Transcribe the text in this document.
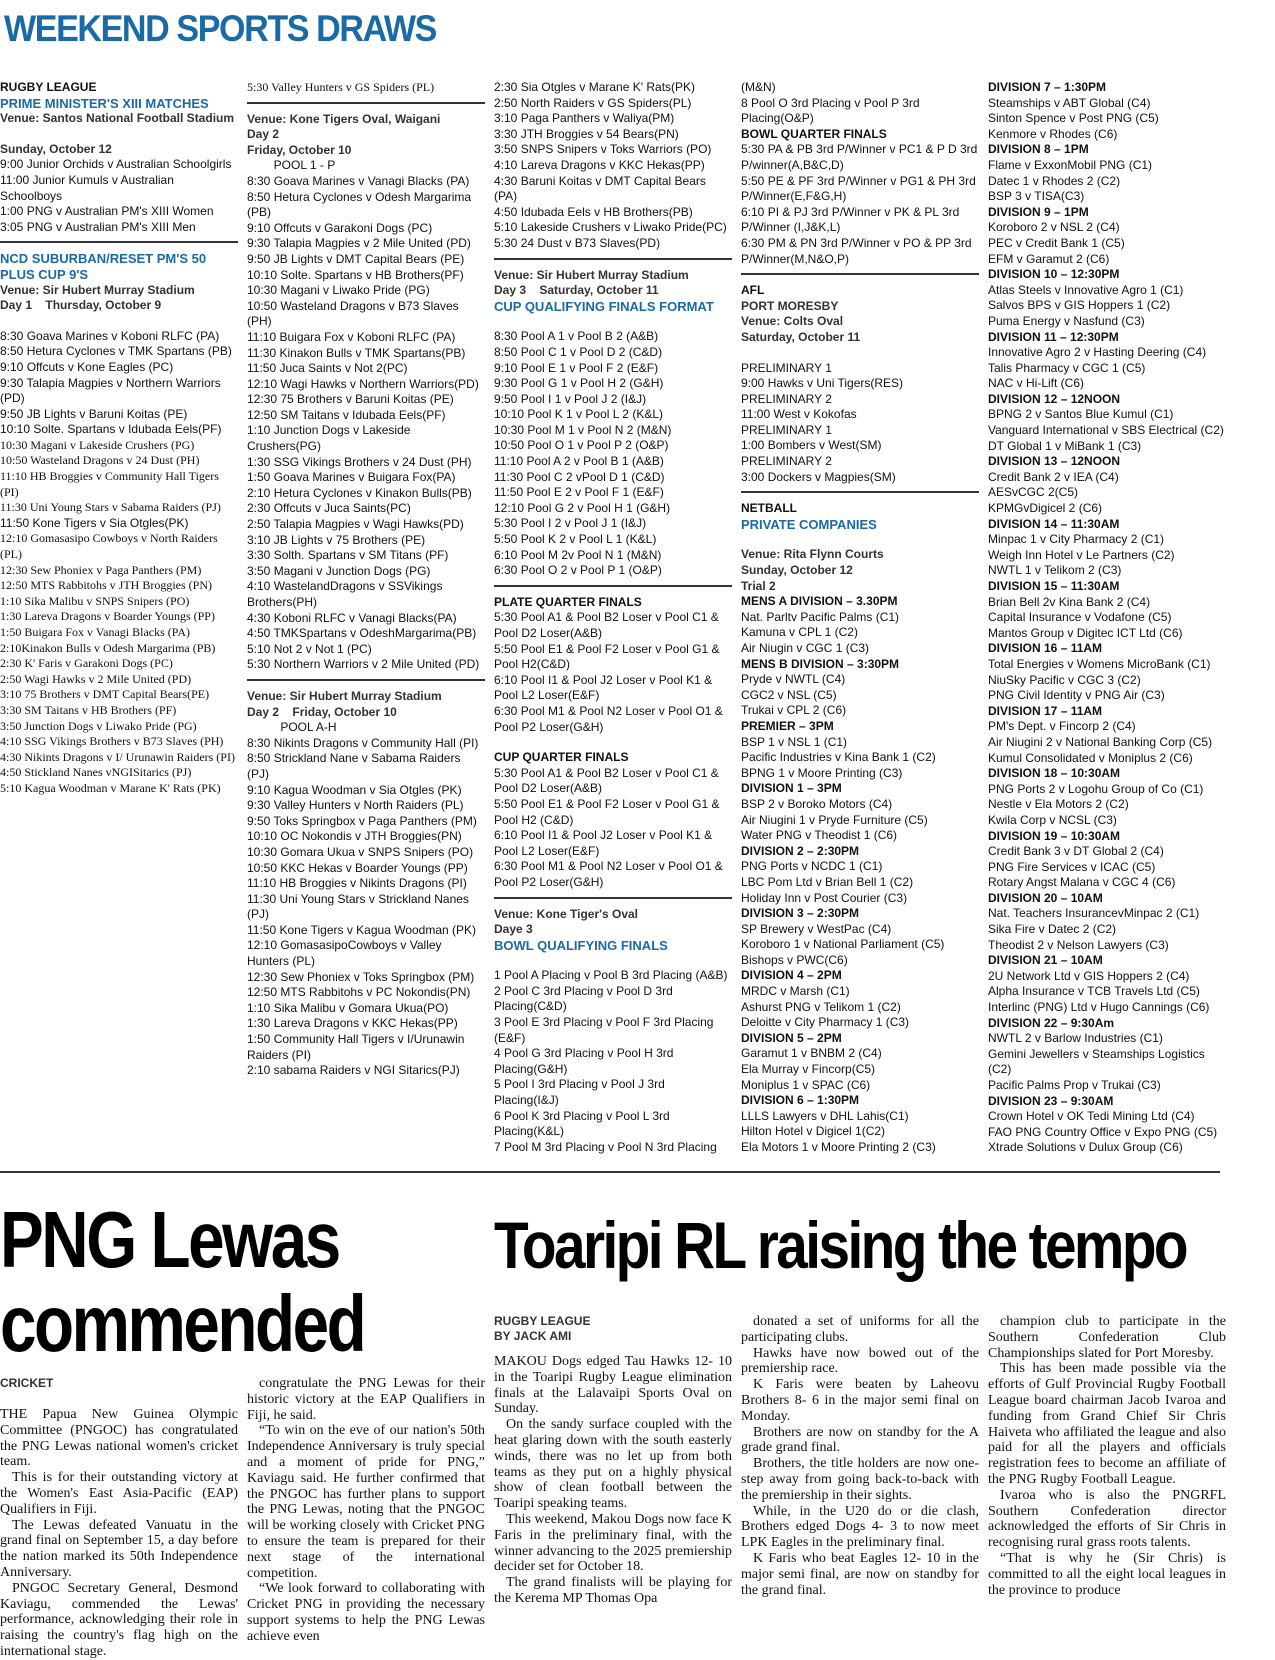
WEEKEND SPORTS DRAWS
RUGBY LEAGUE
PRIME MINISTER'S XIII MATCHES
Venue: Santos National Football Stadium
Sunday, October 12
9:00 Junior Orchids v Australian Schoolgirls
11:00 Junior Kumuls v Australian Schoolboys
1:00 PNG v Australian PM's XIII Women
3:05 PNG v Australian PM's XIII Men
NCD SUBURBAN/RESET PM'S 50 PLUS CUP 9'S
Venue: Sir Hubert Murray Stadium
Day 1    Thursday, October 9
8:30 Goava Marines v Koboni RLFC (PA)
8:50 Hetura Cyclones v TMK Spartans (PB)
9:10 Offcuts v Kone Eagles (PC)
9:30 Talapia Magpies v Northern Warriors (PD)
9:50 JB Lights v Baruni Koitas (PE)
10:10 Solte. Spartans v Idubada Eels(PF)
10:30 Magani v Lakeside Crushers (PG)
10:50 Wasteland Dragons v 24 Dust (PH)
11:10 HB Broggies v Community Hall Tigers (PI)
11:30 Uni Young Stars v Sabama Raiders (PJ)
11:50 Kone Tigers v Sia Otgles(PK)
12:10 Gomasasipo Cowboys v North Raiders (PL)
12:30 Sew Phoniex v Paga Panthers (PM)
12:50 MTS Rabbitohs v JTH Broggies (PN)
1:10 Sika Malibu v SNPS Snipers (PO)
1:30 Lareva Dragons v Boarder Youngs (PP)
1:50 Buigara Fox v Vanagi Blacks (PA)
2:10Kinakon Bulls v Odesh Margarima (PB)
2:30 K' Faris v Garakoni Dogs (PC)
2:50 Wagi Hawks v 2 Mile United (PD)
3:10 75 Brothers v DMT Capital Bears(PE)
3:30 SM Taitans v HB Brothers (PF)
3:50 Junction Dogs v Liwako Pride (PG)
4:10 SSG Vikings Brothers v B73 Slaves (PH)
4:30 Nikints Dragons v I/ Urunawin Raiders (PI)
4:50 Stickland Nanes vNGISitarics (PJ)
5:10 Kagua Woodman v Marane K' Rats (PK)
5:30 Valley Hunters v GS Spiders (PL)
Venue: Kone Tigers Oval, Waigani
Day 2
Friday, October 10
POOL 1 - P
8:30 Goava Marines v Vanagi Blacks (PA)
8:50 Hetura Cyclones v Odesh Margarima (PB)
9:10 Offcuts v Garakoni Dogs (PC)
9:30 Talapia Magpies v 2 Mile United (PD)
9:50 JB Lights v DMT Capital Bears (PE)
10:10 Solte. Spartans v HB Brothers(PF)
10:30 Magani v Liwako Pride (PG)
10:50 Wasteland Dragons v B73 Slaves (PH)
11:10 Buigara Fox v Koboni RLFC (PA)
11:30 Kinakon Bulls v TMK Spartans(PB)
11:50 Juca Saints v Not 2(PC)
12:10 Wagi Hawks v Northern Warriors(PD)
12:30 75 Brothers v Baruni Koitas (PE)
12:50 SM Taitans v Idubada Eels(PF)
1:10 Junction Dogs v Lakeside Crushers(PG)
1:30 SSG Vikings Brothers v 24 Dust (PH)
1:50 Goava Marines v Buigara Fox(PA)
2:10 Hetura Cyclones v Kinakon Bulls(PB)
2:30 Offcuts v Juca Saints(PC)
2:50 Talapia Magpies v Wagi Hawks(PD)
3:10 JB Lights v 75 Brothers (PE)
3:30 Solth. Spartans v SM Titans (PF)
3:50 Magani v Junction Dogs (PG)
4:10 WastelandDragons v SSVikings Brothers(PH)
4:30 Koboni RLFC v Vanagi Blacks(PA)
4:50 TMKSpartans v OdeshMargarima(PB)
5:10 Not 2 v Not 1 (PC)
5:30 Northern Warriors v 2 Mile United (PD)
Venue: Sir Hubert Murray Stadium
Day 2    Friday, October 10
POOL A-H
8:30 Nikints Dragons v Community Hall (PI)
8:50 Strickland Nane v Sabama Raiders (PJ)
9:10 Kagua Woodman v Sia Otgles (PK)
9:30 Valley Hunters v North Raiders (PL)
9:50 Toks Springbox v Paga Panthers (PM)
10:10 OC Nokondis v JTH Broggies(PN)
10:30 Gomara Ukua v SNPS Snipers (PO)
10:50 KKC Hekas v Boarder Youngs (PP)
11:10 HB Broggies v Nikints Dragons (PI)
11:30 Uni Young Stars v Strickland Nanes (PJ)
11:50 Kone Tigers v Kagua Woodman (PK)
12:10 GomasasipoCowboys v Valley Hunters (PL)
12:30 Sew Phoniex v Toks Springbox (PM)
12:50 MTS Rabbitohs v PC Nokondis(PN)
1:10 Sika Malibu v Gomara Ukua(PO)
1:30 Lareva Dragons v KKC Hekas(PP)
1:50 Community Hall Tigers v I/Urunawin Raiders (PI)
2:10 sabama Raiders v NGI Sitarics(PJ)
2:30 Sia Otgles v Marane K' Rats(PK)
2:50 North Raiders v GS Spiders(PL)
3:10 Paga Panthers v Waliya(PM)
3:30 JTH Broggies v 54 Bears(PN)
3:50 SNPS Snipers v Toks Warriors (PO)
4:10 Lareva Dragons v KKC Hekas(PP)
4:30 Baruni Koitas v DMT Capital Bears (PA)
4:50 Idubada Eels v HB Brothers(PB)
5:10 Lakeside Crushers v Liwako Pride(PC)
5:30 24 Dust v B73 Slaves(PD)
Venue: Sir Hubert Murray Stadium
Day 3    Saturday, October 11
CUP QUALIFYING FINALS FORMAT
8:30 Pool A 1 v Pool B 2 (A&B)
8:50 Pool C 1 v Pool D 2 (C&D)
9:10 Pool E 1 v Pool F 2 (E&F)
9:30 Pool G 1 v Pool H 2 (G&H)
9:50 Pool I 1 v Pool J 2 (I&J)
10:10 Pool K 1 v Pool L 2 (K&L)
10:30 Pool M 1 v Pool N 2 (M&N)
10:50 Pool O 1 v Pool P 2 (O&P)
11:10 Pool A 2 v Pool B 1 (A&B)
11:30 Pool C 2 vPool D 1 (C&D)
11:50 Pool E 2 v Pool F 1 (E&F)
12:10 Pool G 2 v Pool H 1 (G&H)
5:30 Pool I 2 v Pool J 1 (I&J)
5:50 Pool K 2 v Pool L 1 (K&L)
6:10 Pool M 2v Pool N 1 (M&N)
6:30 Pool O 2 v Pool P 1 (O&P)
PLATE QUARTER FINALS
5:30 Pool A1 & Pool B2 Loser v Pool C1 & Pool D2 Loser(A&B)
5:50 Pool E1 & Pool F2 Loser v Pool G1 & Pool H2(C&D)
6:10 Pool I1 & Pool J2 Loser v Pool K1 & Pool L2 Loser(E&F)
6:30 Pool M1 & Pool N2 Loser v Pool O1 & Pool P2 Loser(G&H)
CUP QUARTER FINALS
5:30 Pool A1 & Pool B2 Loser v Pool C1 & Pool D2 Loser(A&B)
5:50 Pool E1 & Pool F2 Loser v Pool G1 & Pool H2 (C&D)
6:10 Pool I1 & Pool J2 Loser v Pool K1 & Pool L2 Loser(E&F)
6:30 Pool M1 & Pool N2 Loser v Pool O1 & Pool P2 Loser(G&H)
Venue: Kone Tiger's Oval
Daye 3
BOWL QUALIFYING FINALS
1 Pool A Placing v Pool B 3rd Placing (A&B)
2 Pool C 3rd Placing v Pool D 3rd Placing(C&D)
3 Pool E 3rd Placing v Pool F 3rd Placing (E&F)
4 Pool G 3rd Placing v Pool H 3rd Placing(G&H)
5 Pool I 3rd Placing v Pool J 3rd Placing(I&J)
6 Pool K 3rd Placing v Pool L 3rd Placing(K&L)
7 Pool M 3rd Placing v Pool N 3rd Placing
(M&N)
8 Pool O 3rd Placing v Pool P 3rd Placing(O&P)
BOWL QUARTER FINALS
5:30 PA & PB 3rd P/Winner v PC1 & P D 3rd P/winner(A,B&C,D)
5:50 PE & PF 3rd P/Winner v PG1 & PH 3rd P/Winner(E,F&G,H)
6:10 PI & PJ 3rd P/Winner v PK & PL 3rd P/Winner (I,J&K,L)
6:30 PM & PN 3rd P/Winner v PO & PP 3rd P/Winner(M,N&O,P)
AFL
PORT MORESBY
Venue: Colts Oval
Saturday, October 11
PRELIMINARY 1
9:00 Hawks v Uni Tigers(RES)
PRELIMINARY 2
11:00 West v Kokofas
PRELIMINARY 1
1:00 Bombers v West(SM)
PRELIMINARY 2
3:00 Dockers v Magpies(SM)
NETBALL
PRIVATE COMPANIES
Venue: Rita Flynn Courts
Sunday, October 12
Trial 2
MENS A DIVISION – 3.30PM
Nat. Parltv Pacific Palms (C1)
Kamuna v CPL 1 (C2)
Air Niugin v CGC 1 (C3)
MENS B DIVISION – 3:30PM
Pryde v NWTL (C4)
CGC2 v NSL (C5)
Trukai v CPL 2 (C6)
PREMIER – 3PM
BSP 1 v NSL 1 (C1)
Pacific Industries v Kina Bank 1 (C2)
BPNG 1 v Moore Printing (C3)
DIVISION 1 – 3PM
BSP 2 v Boroko Motors (C4)
Air Niugini 1 v Pryde Furniture (C5)
Water PNG v Theodist 1 (C6)
DIVISION 2 – 2:30PM
PNG Ports v NCDC 1 (C1)
LBC Pom Ltd v Brian Bell 1 (C2)
Holiday Inn v Post Courier (C3)
DIVISION 3 – 2:30PM
SP Brewery v WestPac (C4)
Koroboro 1 v National Parliament (C5)
Bishops v PWC(C6)
DIVISION 4 – 2PM
MRDC v Marsh (C1)
Ashurst PNG v Telikom 1 (C2)
Deloitte v City Pharmacy 1 (C3)
DIVISION 5 – 2PM
Garamut 1 v BNBM 2 (C4)
Ela Murray v Fincorp(C5)
Moniplus 1 v SPAC (C6)
DIVISION 6 – 1:30PM
LLLS Lawyers v DHL Lahis(C1)
Hilton Hotel v Digicel 1(C2)
Ela Motors 1 v Moore Printing 2 (C3)
DIVISION 7 – 1:30PM
Steamships v ABT Global (C4)
Sinton Spence v Post PNG (C5)
Kenmore v Rhodes (C6)
DIVISION 8 – 1PM
Flame v ExxonMobil PNG (C1)
Datec 1 v Rhodes 2 (C2)
BSP 3 v TISA(C3)
DIVISION 9 – 1PM
Koroboro 2 v NSL 2 (C4)
PEC v Credit Bank 1 (C5)
EFM v Garamut 2 (C6)
DIVISION 10 – 12:30PM
Atlas Steels v Innovative Agro 1 (C1)
Salvos BPS v GIS Hoppers 1 (C2)
Puma Energy v Nasfund (C3)
DIVISION 11 – 12:30PM
Innovative Agro 2 v Hasting Deering (C4)
Talis Pharmacy v CGC 1 (C5)
NAC v Hi-Lift (C6)
DIVISION 12 – 12NOON
BPNG 2 v Santos Blue Kumul (C1)
Vanguard International v SBS Electrical (C2)
DT Global 1 v MiBank 1 (C3)
DIVISION 13 – 12NOON
Credit Bank 2 v IEA (C4)
AESvCGC 2(C5)
KPMGvDigicel 2 (C6)
DIVISION 14 – 11:30AM
Minpac 1 v City Pharmacy 2 (C1)
Weigh Inn Hotel v Le Partners (C2)
NWTL 1 v Telikom 2 (C3)
DIVISION 15 – 11:30AM
Brian Bell 2v Kina Bank 2 (C4)
Capital Insurance v Vodafone (C5)
Mantos Group v Digitec ICT Ltd (C6)
DIVISION 16 – 11AM
Total Energies v Womens MicroBank (C1)
NiuSky Pacific v CGC 3 (C2)
PNG Civil Identity v PNG Air (C3)
DIVISION 17 – 11AM
PM's Dept. v Fincorp 2 (C4)
Air Niugini 2 v National Banking Corp (C5)
Kumul Consolidated v Moniplus 2 (C6)
DIVISION 18 – 10:30AM
PNG Ports 2 v Logohu Group of Co (C1)
Nestle v Ela Motors 2 (C2)
Kwila Corp v NCSL (C3)
DIVISION 19 – 10:30AM
Credit Bank 3 v DT Global 2 (C4)
PNG Fire Services v ICAC (C5)
Rotary Angst Malana v CGC 4 (C6)
DIVISION 20 – 10AM
Nat. Teachers InsurancevMinpac 2 (C1)
Sika Fire v Datec 2 (C2)
Theodist 2 v Nelson Lawyers (C3)
DIVISION 21 – 10AM
2U Network Ltd v GIS Hoppers 2 (C4)
Alpha Insurance v TCB Travels Ltd (C5)
Interlinc (PNG) Ltd v Hugo Cannings (C6)
DIVISION 22 – 9:30Am
NWTL 2 v Barlow Industries (C1)
Gemini Jewellers v Steamships Logistics (C2)
Pacific Palms Prop v Trukai (C3)
DIVISION 23 – 9:30AM
Crown Hotel v OK Tedi Mining Ltd (C4)
FAO PNG Country Office v Expo PNG (C5)
Xtrade Solutions v Dulux Group (C6)
PNG Lewas
commended
Toaripi RL raising the tempo
CRICKET
THE Papua New Guinea Olympic Committee (PNGOC) has congratulated the PNG Lewas national women's cricket team.
This is for their outstanding victory at the Women's East Asia-Pacific (EAP) Qualifiers in Fiji.
The Lewas defeated Vanuatu in the grand final on September 15, a day before the nation marked its 50th Independence Anniversary.
PNGOC Secretary General, Desmond Kaviagu, commended the Lewas' performance, acknowledging their role in raising the country's flag high on the international stage.
congratulate the PNG Lewas for their historic victory at the EAP Qualifiers in Fiji, he said.
“To win on the eve of our nation's 50th Independence Anniversary is truly special and a moment of pride for PNG,” Kaviagu said. He further confirmed that the PNGOC has further plans to support the PNG Lewas, noting that the PNGOC will be working closely with Cricket PNG to ensure the team is prepared for their next stage of the international competition.
“We look forward to collaborating with Cricket PNG in providing the necessary support systems to help the PNG Lewas achieve even
RUGBY LEAGUE
BY JACK AMI
MAKOU Dogs edged Tau Hawks 12- 10 in the Toaripi Rugby League elimination finals at the Lalavaipi Sports Oval on Sunday.
On the sandy surface coupled with the heat glaring down with the south easterly winds, there was no let up from both teams as they put on a highly physical show of clean football between the Toaripi speaking teams.
This weekend, Makou Dogs now face K Faris in the preliminary final, with the winner advancing to the 2025 premiership decider set for October 18.
The grand finalists will be playing for the Kerema MP Thomas Opa
donated a set of uniforms for all the participating clubs.
Hawks have now bowed out of the premiership race.
K Faris were beaten by Laheovu Brothers 8- 6 in the major semi final on Monday.
Brothers are now on standby for the A grade grand final.
Brothers, the title holders are now one-step away from going back-to-back with the premiership in their sights.
While, in the U20 do or die clash, Brothers edged Dogs 4- 3 to now meet LPK Eagles in the preliminary final.
K Faris who beat Eagles 12- 10 in the major semi final, are now on standby for the grand final.
champion club to participate in the Southern Confederation Club Championships slated for Port Moresby.
This has been made possible via the efforts of Gulf Provincial Rugby Football League board chairman Jacob Ivaroa and funding from Grand Chief Sir Chris Haiveta who affiliated the league and also paid for all the players and officials registration fees to become an affiliate of the PNG Rugby Football League.
Ivaroa who is also the PNGRFL Southern Confederation director acknowledged the efforts of Sir Chris in recognising rural grass roots talents.
“That is why he (Sir Chris) is committed to all the eight local leagues in the province to produce
